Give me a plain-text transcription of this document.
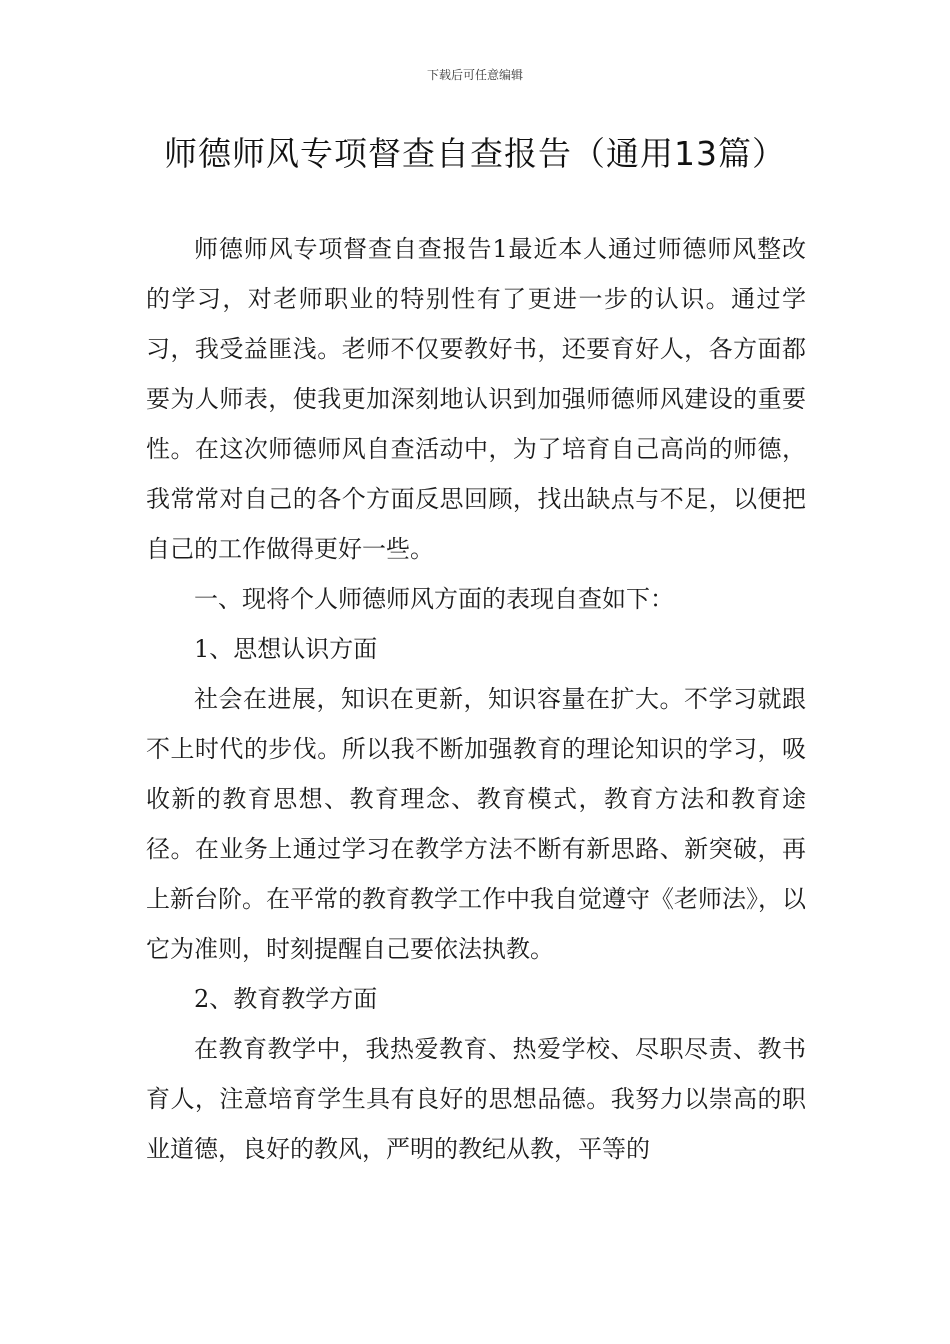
下载后可任意编辑
师德师风专项督查自查报告（通用13篇）

师德师风专项督查自查报告1最近本人通过师德师风整改的学习，对老师职业的特别性有了更进一步的认识。通过学习，我受益匪浅。老师不仅要教好书，还要育好人，各方面都要为人师表，使我更加深刻地认识到加强师德师风建设的重要性。在这次师德师风自查活动中，为了培育自己高尚的师德，我常常对自己的各个方面反思回顾，找出缺点与不足，以便把自己的工作做得更好一些。

一、现将个人师德师风方面的表现自查如下：

1、思想认识方面

社会在进展，知识在更新，知识容量在扩大。不学习就跟不上时代的步伐。所以我不断加强教育的理论知识的学习，吸收新的教育思想、教育理念、教育模式，教育方法和教育途径。在业务上通过学习在教学方法不断有新思路、新突破，再上新台阶。在平常的教育教学工作中我自觉遵守《老师法》，以它为准则，时刻提醒自己要依法执教。

2、教育教学方面

在教育教学中，我热爱教育、热爱学校、尽职尽责、教书育人，注意培育学生具有良好的思想品德。我努力以崇高的职业道德，良好的教风，严明的教纪从教，平等的
